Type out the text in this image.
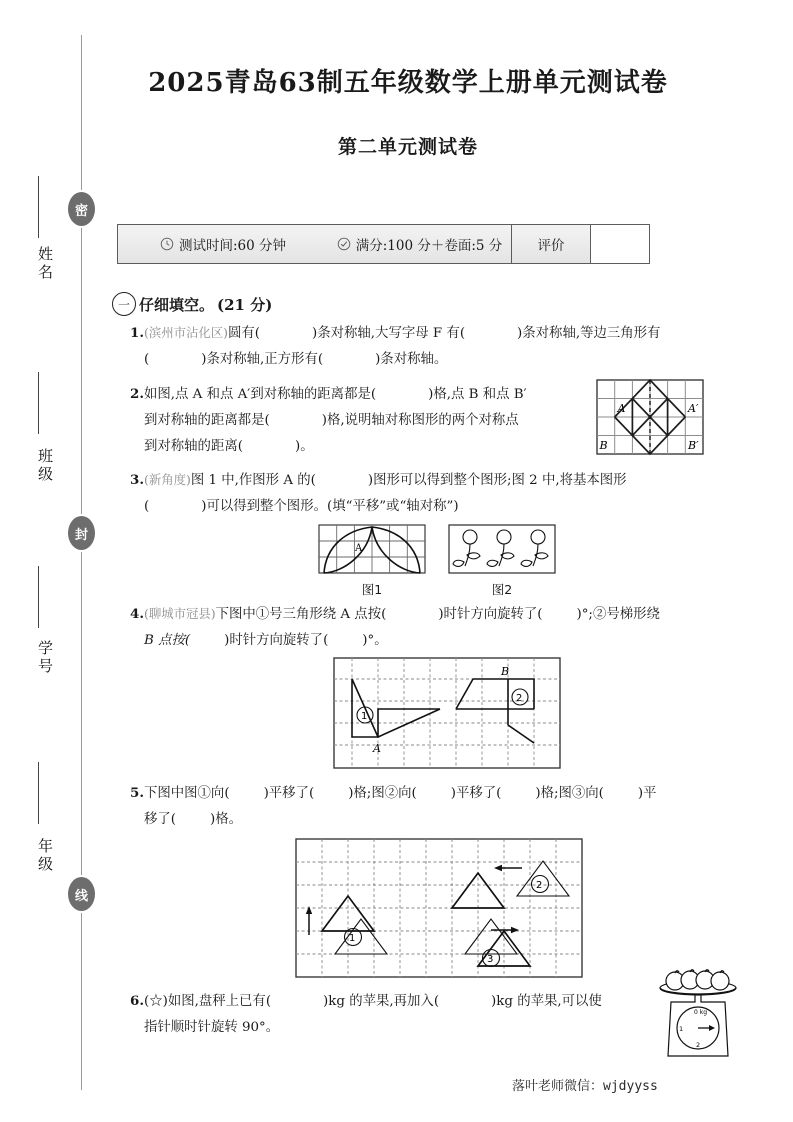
密
封
线
姓名
班级
学号
年级
2025青岛63制五年级数学上册单元测试卷
第二单元测试卷
测试时间:60 分钟	满分:100 分＋卷面:5 分	评价
一 仔细填空。 (21 分)
1.(滨州市沾化区)圆有(	)条对称轴,大写字母 F 有(	)条对称轴,等边三角形有
(	)条对称轴,正方形有(	)条对称轴。
2.如图,点 A 和点 A′到对称轴的距离都是(	)格,点 B 和点 B′
到对称轴的距离都是(	)格,说明轴对称图形的两个对称点
到对称轴的距离(	)。
A	A′
B	B′
3.(新角度)图 1 中,作图形 A 的(	)图形可以得到整个图形;图 2 中,将基本图形
(	)可以得到整个图形。(填“平移”或“轴对称”)
A
图1	图2
4.(聊城市冠县)下图中①号三角形绕 A 点按(	)时针方向旋转了(	)°;②号梯形绕
B 点按(	)时针方向旋转了(	)°。
1
2
A
B
5.下图中图①向(	)平移了(	)格;图②向(	)平移了(	)格;图③向(	)平
移了(	)格。
1
2
3
6.(☆)如图,盘秤上已有(	)kg 的苹果,再加入(	)kg 的苹果,可以使
指针顺时针旋转 90°。
0 kg
1
2
落叶老师微信：wjdyyss
